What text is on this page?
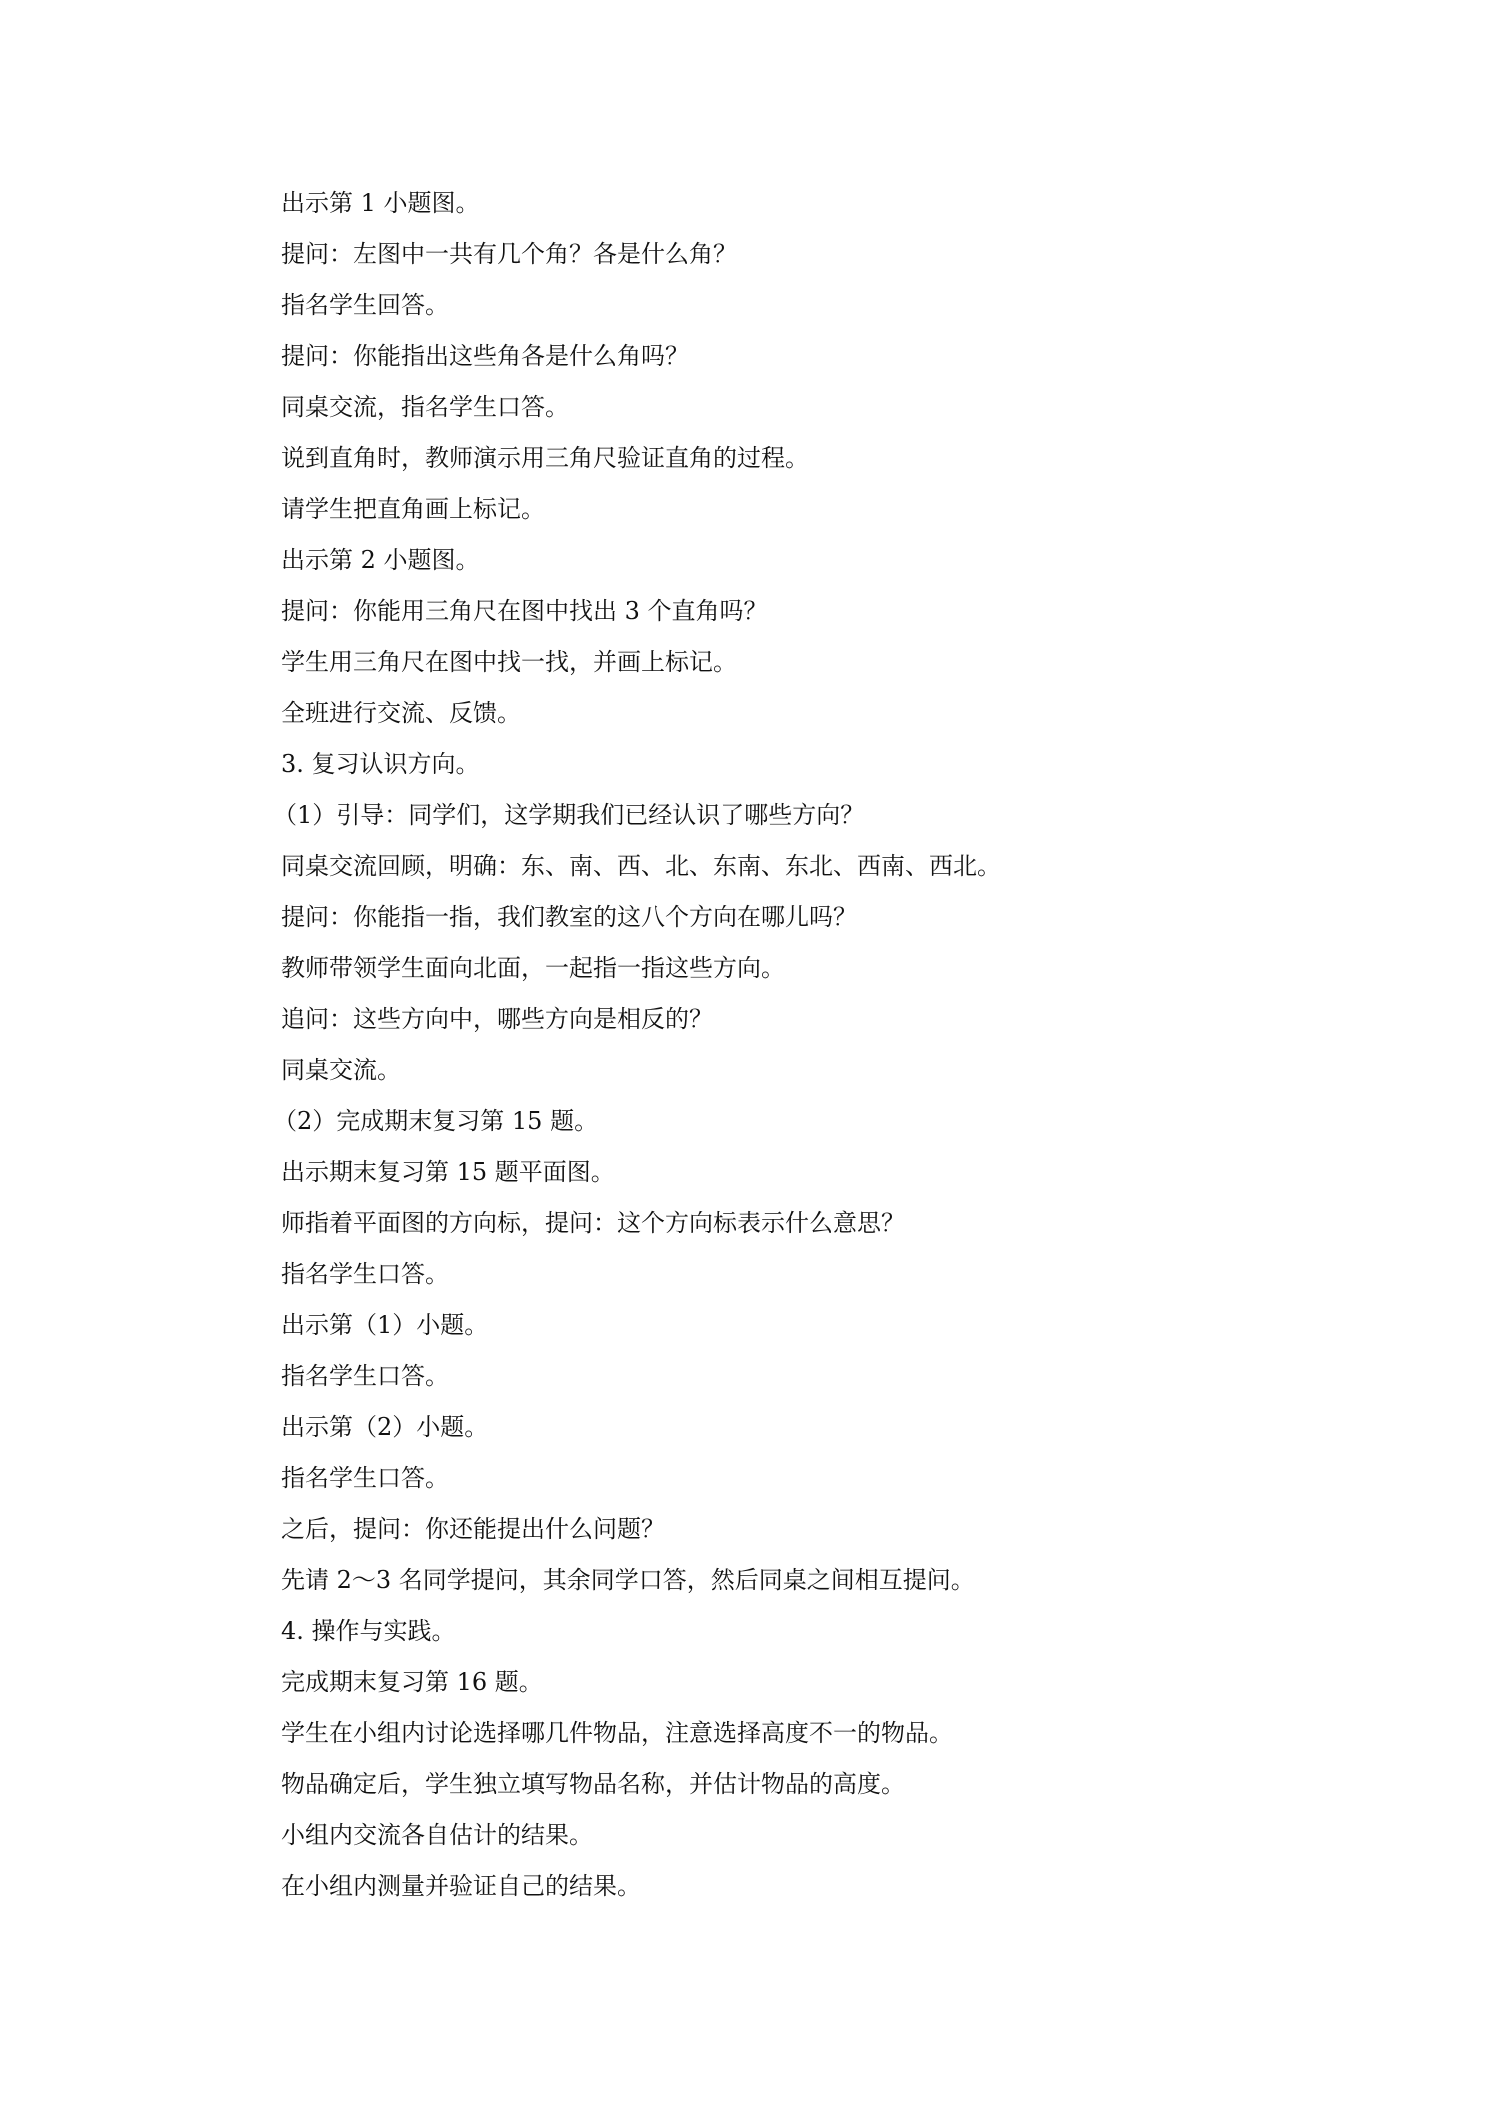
出示第 1 小题图。
提问：左图中一共有几个角？各是什么角？
指名学生回答。
提问：你能指出这些角各是什么角吗？
同桌交流，指名学生口答。
说到直角时，教师演示用三角尺验证直角的过程。
请学生把直角画上标记。
出示第 2 小题图。
提问：你能用三角尺在图中找出 3 个直角吗？
学生用三角尺在图中找一找，并画上标记。
全班进行交流、反馈。
3. 复习认识方向。
（1）引导：同学们，这学期我们已经认识了哪些方向？
同桌交流回顾，明确：东、南、西、北、东南、东北、西南、西北。
提问：你能指一指，我们教室的这八个方向在哪儿吗？
教师带领学生面向北面，一起指一指这些方向。
追问：这些方向中，哪些方向是相反的？
同桌交流。
（2）完成期末复习第 15 题。
出示期末复习第 15 题平面图。
师指着平面图的方向标，提问：这个方向标表示什么意思？
指名学生口答。
出示第（1）小题。
指名学生口答。
出示第（2）小题。
指名学生口答。
之后，提问：你还能提出什么问题？
先请 2～3 名同学提问，其余同学口答，然后同桌之间相互提问。
4. 操作与实践。
完成期末复习第 16 题。
学生在小组内讨论选择哪几件物品，注意选择高度不一的物品。
物品确定后，学生独立填写物品名称，并估计物品的高度。
小组内交流各自估计的结果。
在小组内测量并验证自己的结果。
